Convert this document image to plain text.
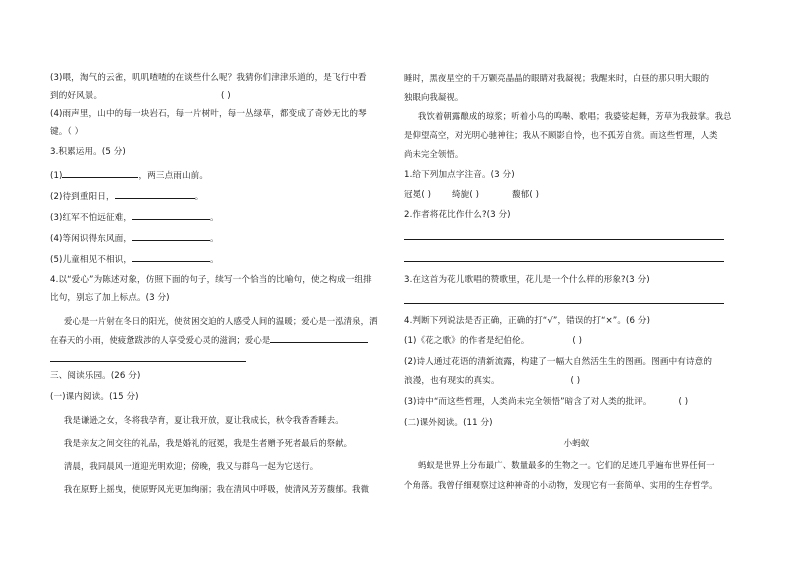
(3)喂，淘气的云雀，叽叽喳喳的在谈些什么呢？我猜你们津津乐道的，是飞行中看
到的好风景。	( )
(4)雨声里，山中的每一块岩石，每一片树叶，每一丛绿草，都变成了奇妙无比的琴
键。（ ）
3.积累运用。(5 分)
(1)	，两三点雨山前。
(2)待到重阳日，	。
(3)红军不怕远征难，	。
(4)等闲识得东风面，	。
(5)儿童相见不相识，	。
4.以“爱心”为陈述对象，仿照下面的句子，续写一个恰当的比喻句，使之构成一组排
比句，别忘了加上标点。(3 分)
爱心是一片射在冬日的阳光，使贫困交迫的人感受人间的温暖；爱心是一泓清泉，洒
在春天的小雨，使疲惫跋涉的人享受爱心灵的滋润；爱心是
三、阅读乐园。(26 分)
(一)课内阅读。(15 分)
我是谦逊之女，冬将我孕育，夏让我开放，夏让我成长，秋令我香香睡去。
我是亲友之间交往的礼品，我是婚礼的冠冕，我是生者赠予死者最后的祭献。
清晨，我同晨风一道迎光明欢迎；傍晚，我又与群鸟一起为它送行。
我在原野上摇曳，使原野风光更加绚丽；我在清风中呼吸，使清风芳芳馥郁。我微
睡时，黑夜星空的千万颗亮晶晶的眼睛对我凝视；我醒来时，白昼的那只明大眼的
独眼向我凝视。
我饮着朝露酿成的琼浆；听着小鸟的鸣啭、歌唱；我婆娑起舞，芳草为我鼓掌。我总
是仰望高空，对光明心驰神往；我从不顾影自怜，也不孤芳自赏。而这些哲理，人类
尚未完全领悟。
1.给下列加点字注音。(3 分)
冠冕( ) 绮旎( )	馥郁( )
2.作者将花比作什么?(3 分)
3.在这首为花儿歌唱的赞歌里，花儿是一个什么样的形象?(3 分)
4.判断下列说法是否正确，正确的打“√”，错误的打“×”。(6 分)
(1)《花之歌》的作者是纪伯伦。	( )
(2)诗人通过花语的清新流露，构建了一幅大自然活生生的图画。图画中有诗意的
浪漫，也有现实的真实。	( )
(3)诗中“而这些哲理，人类尚未完全领悟”暗含了对人类的批评。	( )
(二)课外阅读。(11 分)
小蚂蚁
蚂蚁是世界上分布最广、数量最多的生物之一。它们的足迹几乎遍布世界任何一
个角落。我曾仔细观察过这种神奇的小动物，发现它有一套简单、实用的生存哲学。
